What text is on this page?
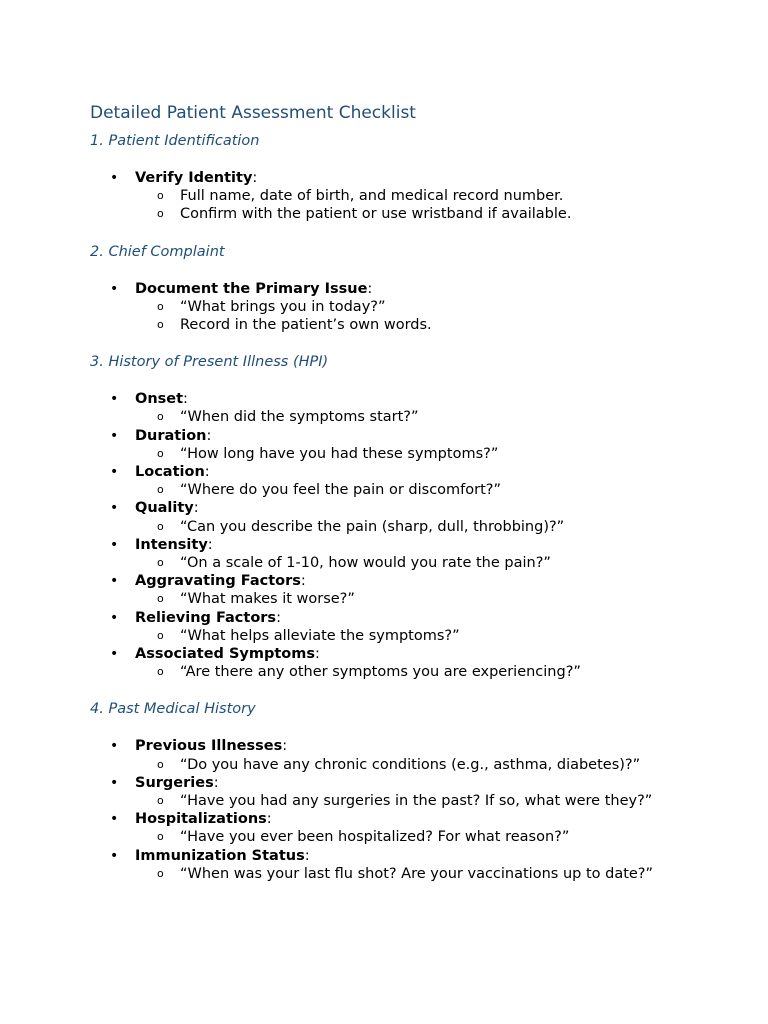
Detailed Patient Assessment Checklist
1. Patient Identification
• Verify Identity:
o Full name, date of birth, and medical record number.
o Confirm with the patient or use wristband if available.
2. Chief Complaint
• Document the Primary Issue:
o “What brings you in today?”
o Record in the patient’s own words.
3. History of Present Illness (HPI)
• Onset:
o “When did the symptoms start?”
• Duration:
o “How long have you had these symptoms?”
• Location:
o “Where do you feel the pain or discomfort?”
• Quality:
o “Can you describe the pain (sharp, dull, throbbing)?”
• Intensity:
o “On a scale of 1-10, how would you rate the pain?”
• Aggravating Factors:
o “What makes it worse?”
• Relieving Factors:
o “What helps alleviate the symptoms?”
• Associated Symptoms:
o “Are there any other symptoms you are experiencing?”
4. Past Medical History
• Previous Illnesses:
o “Do you have any chronic conditions (e.g., asthma, diabetes)?”
• Surgeries:
o “Have you had any surgeries in the past? If so, what were they?”
• Hospitalizations:
o “Have you ever been hospitalized? For what reason?”
• Immunization Status:
o “When was your last flu shot? Are your vaccinations up to date?”
